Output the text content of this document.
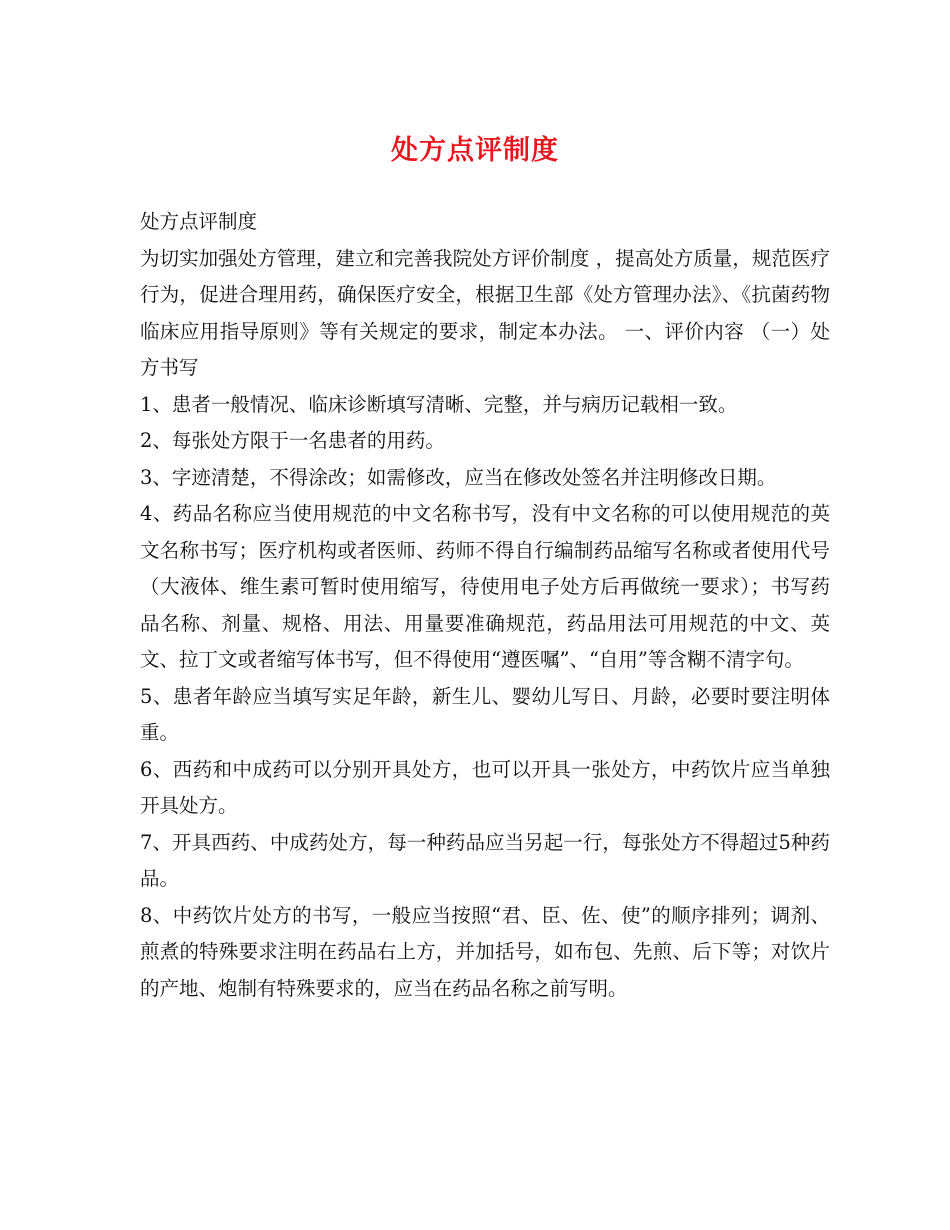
处方点评制度

处方点评制度

为切实加强处方管理，建立和完善我院处方评价制度 ，提高处方质量，规范医疗行为，促进合理用药，确保医疗安全，根据卫生部《处方管理办法》、《抗菌药物临床应用指导原则》等有关规定的要求，制定本办法。 一、评价内容 （一）处方书写

1、患者一般情况、临床诊断填写清晰、完整，并与病历记载相一致。

2、每张处方限于一名患者的用药。

3、字迹清楚，不得涂改；如需修改，应当在修改处签名并注明修改日期。

4、药品名称应当使用规范的中文名称书写，没有中文名称的可以使用规范的英文名称书写；医疗机构或者医师、药师不得自行编制药品缩写名称或者使用代号（大液体、维生素可暂时使用缩写，待使用电子处方后再做统一要求）；书写药品名称、剂量、规格、用法、用量要准确规范，药品用法可用规范的中文、英文、拉丁文或者缩写体书写，但不得使用“遵医嘱”、“自用”等含糊不清字句。

5、患者年龄应当填写实足年龄，新生儿、婴幼儿写日、月龄，必要时要注明体重。

6、西药和中成药可以分别开具处方，也可以开具一张处方，中药饮片应当单独开具处方。

7、开具西药、中成药处方，每一种药品应当另起一行，每张处方不得超过5种药品。

8、中药饮片处方的书写，一般应当按照“君、臣、佐、使”的顺序排列；调剂、煎煮的特殊要求注明在药品右上方，并加括号，如布包、先煎、后下等；对饮片的产地、炮制有特殊要求的，应当在药品名称之前写明。
